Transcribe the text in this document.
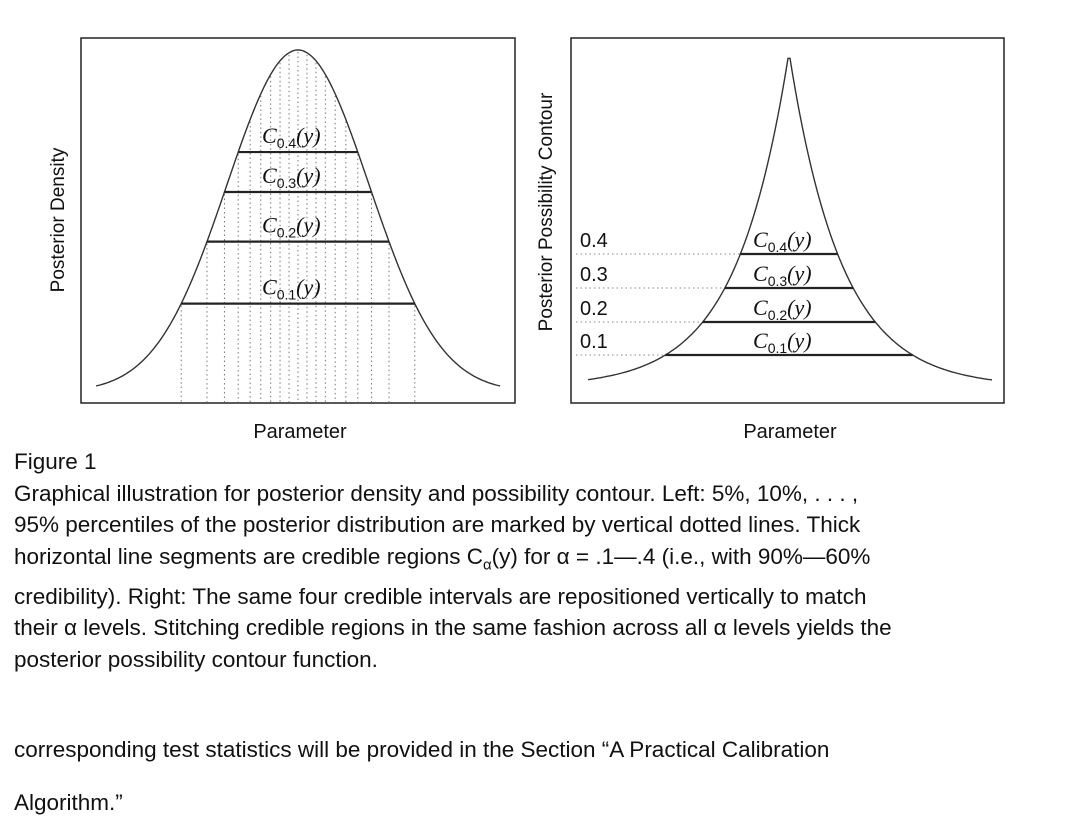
$C_{0.4}(y)$
$C_{0.3}(y)$
$C_{0.2}(y)$
$C_{0.1}(y)$
Posterior Density
Parameter
0.4
0.3
0.2
0.1
$C_{0.4}(y)$
$C_{0.3}(y)$
$C_{0.2}(y)$
$C_{0.1}(y)$
Posterior Possibility Contour
Parameter
Figure 1
Graphical illustration for posterior density and possibility contour. Left: 5%, 10%, . . . ,
95% percentiles of the posterior distribution are marked by vertical dotted lines. Thick
horizontal line segments are credible regions $C_\alpha(y)$ for α = .1—.4 (i.e., with 90%—60%
credibility). Right: The same four credible intervals are repositioned vertically to match
their α levels. Stitching credible regions in the same fashion across all α levels yields the
posterior possibility contour function.
corresponding test statistics will be provided in the Section “A Practical Calibration
Algorithm.”
